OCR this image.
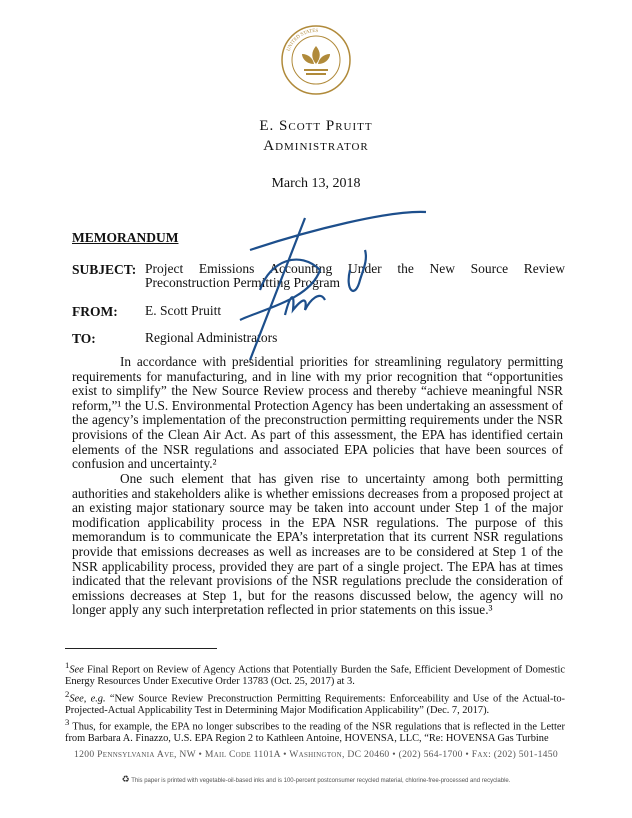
UNITED STATES
E. Scott Pruitt
Administrator
March 13, 2018
MEMORANDUM
SUBJECT: Project Emissions Accounting Under the New Source Review Preconstruction Permitting Program
FROM: E. Scott Pruitt
TO:	Regional Administrators
In accordance with presidential priorities for streamlining regulatory permitting requirements for manufacturing, and in line with my prior recognition that “opportunities exist to simplify” the New Source Review process and thereby “achieve meaningful NSR reform,”¹ the U.S. Environmental Protection Agency has been undertaking an assessment of the agency’s implementation of the preconstruction permitting requirements under the NSR provisions of the Clean Air Act. As part of this assessment, the EPA has identified certain elements of the NSR regulations and associated EPA policies that have been sources of confusion and uncertainty.²
One such element that has given rise to uncertainty among both permitting authorities and stakeholders alike is whether emissions decreases from a proposed project at an existing major stationary source may be taken into account under Step 1 of the major modification applicability process in the EPA NSR regulations. The purpose of this memorandum is to communicate the EPA’s interpretation that its current NSR regulations provide that emissions decreases as well as increases are to be considered at Step 1 of the NSR applicability process, provided they are part of a single project. The EPA has at times indicated that the relevant provisions of the NSR regulations preclude the consideration of emissions decreases at Step 1, but for the reasons discussed below, the agency will no longer apply any such interpretation reflected in prior statements on this issue.³
$^1$See Final Report on Review of Agency Actions that Potentially Burden the Safe, Efficient Development of Domestic Energy Resources Under Executive Order 13783 (Oct. 25, 2017) at 3.
$^2$See, e.g. “New Source Review Preconstruction Permitting Requirements: Enforceability and Use of the Actual-to-Projected-Actual Applicability Test in Determining Major Modification Applicability” (Dec. 7, 2017).
$^3$ Thus, for example, the EPA no longer subscribes to the reading of the NSR regulations that is reflected in the Letter from Barbara A. Finazzo, U.S. EPA Region 2 to Kathleen Antoine, HOVENSA, LLC, “Re: HOVENSA Gas Turbine
1200 Pennsylvania Ave, NW • Mail Code 1101A • Washington, DC 20460 • (202) 564-1700 • Fax: (202) 501-1450
♻ This paper is printed with vegetable-oil-based inks and is 100-percent postconsumer recycled material, chlorine-free-processed and recyclable.
